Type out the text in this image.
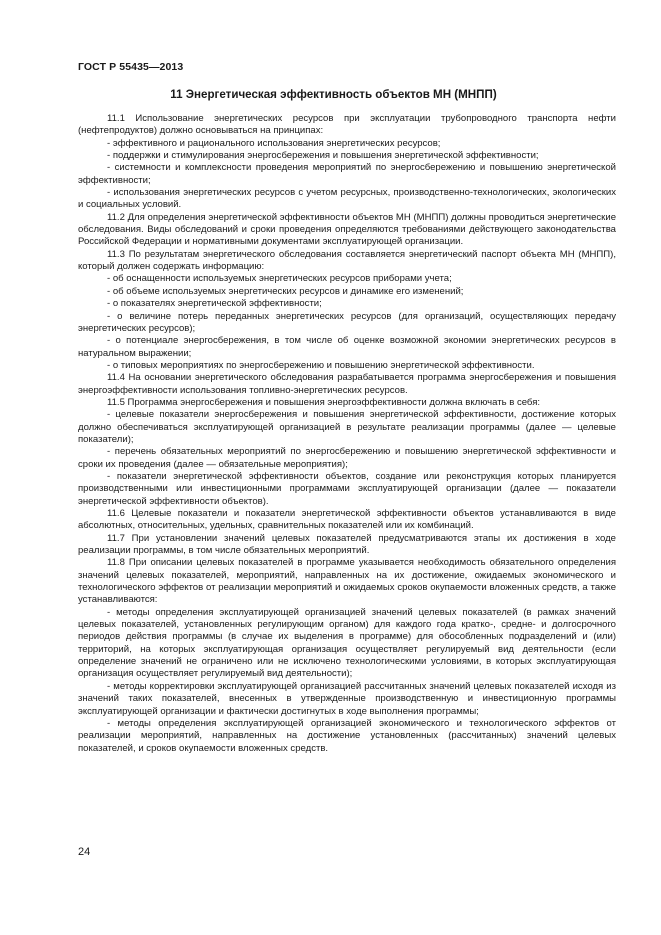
ГОСТ Р 55435—2013
11 Энергетическая эффективность объектов МН (МНПП)

11.1 Использование энергетических ресурсов при эксплуатации трубопроводного транспорта нефти (нефтепродуктов) должно основываться на принципах:

- эффективного и рационального использования энергетических ресурсов;

- поддержки и стимулирования энергосбережения и повышения энергетической эффективности;

- системности и комплексности проведения мероприятий по энергосбережению и повышению энергетической эффективности;

- использования энергетических ресурсов с учетом ресурсных, производственно-технологических, экологических и социальных условий.

11.2 Для определения энергетической эффективности объектов МН (МНПП) должны проводиться энергетические обследования. Виды обследований и сроки проведения определяются требованиями действующего законодательства Российской Федерации и нормативными документами эксплуатирующей организации.

11.3 По результатам энергетического обследования составляется энергетический паспорт объекта МН (МНПП), который должен содержать информацию:

- об оснащенности используемых энергетических ресурсов приборами учета;

- об объеме используемых энергетических ресурсов и динамике его изменений;

- о показателях энергетической эффективности;

- о величине потерь переданных энергетических ресурсов (для организаций, осуществляющих передачу энергетических ресурсов);

- о потенциале энергосбережения, в том числе об оценке возможной экономии энергетических ресурсов в натуральном выражении;

- о типовых мероприятиях по энергосбережению и повышению энергетической эффективности.

11.4 На основании энергетического обследования разрабатывается программа энергосбережения и повышения энергоэффективности использования топливно-энергетических ресурсов.

11.5 Программа энергосбережения и повышения энергоэффективности должна включать в себя:

- целевые показатели энергосбережения и повышения энергетической эффективности, достижение которых должно обеспечиваться эксплуатирующей организацией в результате реализации программы (далее — целевые показатели);

- перечень обязательных мероприятий по энергосбережению и повышению энергетической эффективности и сроки их проведения (далее — обязательные мероприятия);

- показатели энергетической эффективности объектов, создание или реконструкция которых планируется производственными или инвестиционными программами эксплуатирующей организации (далее — показатели энергетической эффективности объектов).

11.6 Целевые показатели и показатели энергетической эффективности объектов устанавливаются в виде абсолютных, относительных, удельных, сравнительных показателей или их комбинаций.

11.7 При установлении значений целевых показателей предусматриваются этапы их достижения в ходе реализации программы, в том числе обязательных мероприятий.

11.8 При описании целевых показателей в программе указывается необходимость обязательного определения значений целевых показателей, мероприятий, направленных на их достижение, ожидаемых экономического и технологического эффектов от реализации мероприятий и ожидаемых сроков окупаемости вложенных средств, а также устанавливаются:

- методы определения эксплуатирующей организацией значений целевых показателей (в рамках значений целевых показателей, установленных регулирующим органом) для каждого года кратко-, средне- и долгосрочного периодов действия программы (в случае их выделения в программе) для обособленных подразделений и (или) территорий, на которых эксплуатирующая организация осуществляет регулируемый вид деятельности (если определение значений не ограничено или не исключено технологическими условиями, в которых эксплуатирующая организация осуществляет регулируемый вид деятельности);

- методы корректировки эксплуатирующей организацией рассчитанных значений целевых показателей исходя из значений таких показателей, внесенных в утвержденные производственную и инвестиционную программы эксплуатирующей организации и фактически достигнутых в ходе выполнения программы;

- методы определения эксплуатирующей организацией экономического и технологического эффектов от реализации мероприятий, направленных на достижение установленных (рассчитанных) значений целевых показателей, и сроков окупаемости вложенных средств.

24
